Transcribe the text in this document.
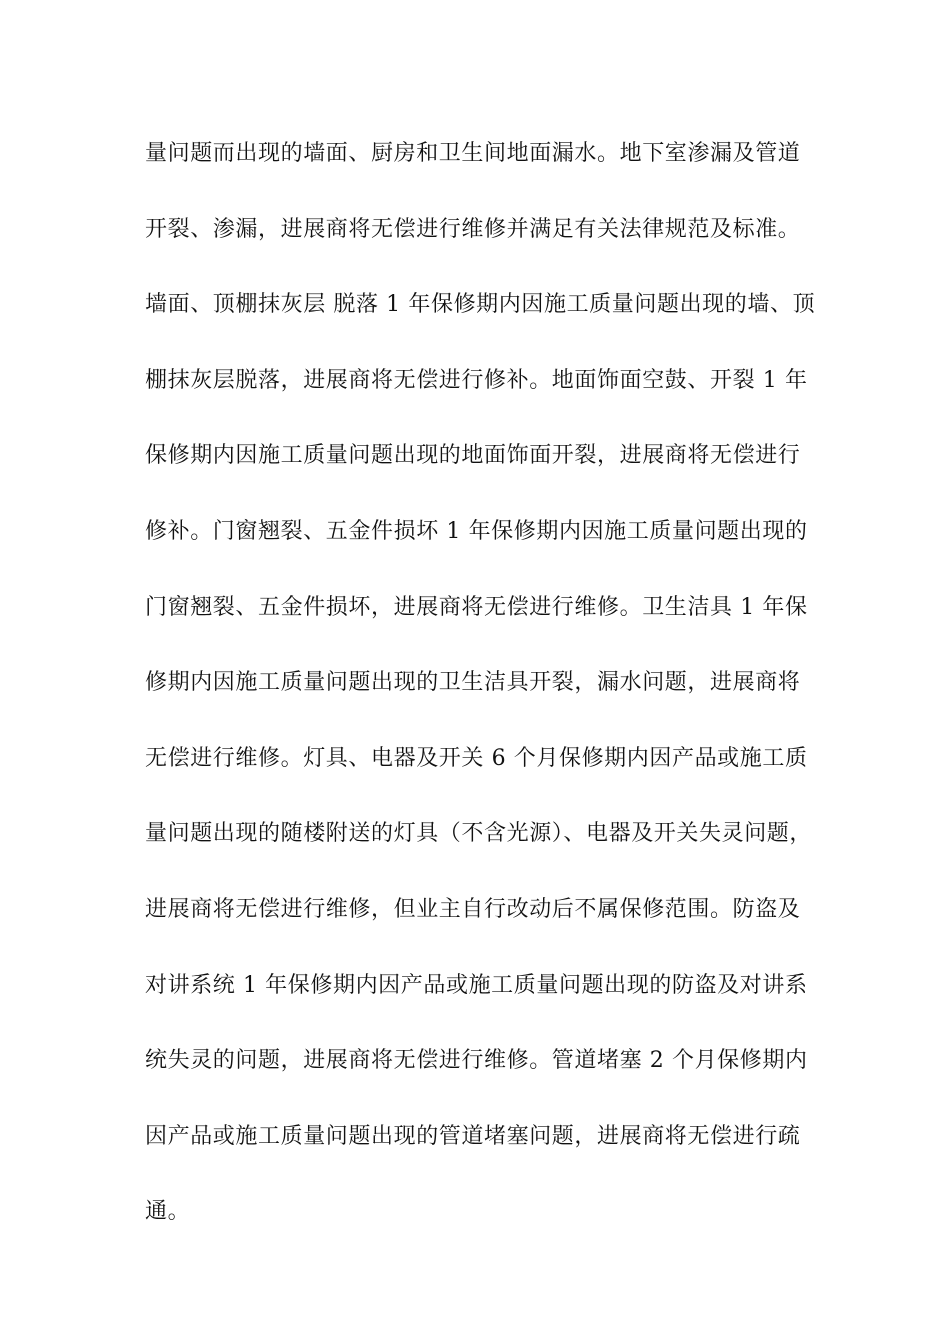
量问题而出现的墙面、厨房和卫生间地面漏水。地下室渗漏及管道
开裂、渗漏，进展商将无偿进行维修并满足有关法律规范及标准。
墙面、顶棚抹灰层 脱落 1 年保修期内因施工质量问题出现的墙、顶
棚抹灰层脱落，进展商将无偿进行修补。地面饰面空鼓、开裂 1 年
保修期内因施工质量问题出现的地面饰面开裂，进展商将无偿进行
修补。门窗翘裂、五金件损坏 1 年保修期内因施工质量问题出现的
门窗翘裂、五金件损坏，进展商将无偿进行维修。卫生洁具 1 年保
修期内因施工质量问题出现的卫生洁具开裂，漏水问题，进展商将
无偿进行维修。灯具、电器及开关 6 个月保修期内因产品或施工质
量问题出现的随楼附送的灯具（不含光源）、电器及开关失灵问题，
进展商将无偿进行维修，但业主自行改动后不属保修范围。防盗及
对讲系统 1 年保修期内因产品或施工质量问题出现的防盗及对讲系
统失灵的问题，进展商将无偿进行维修。管道堵塞 2 个月保修期内
因产品或施工质量问题出现的管道堵塞问题，进展商将无偿进行疏
通。
